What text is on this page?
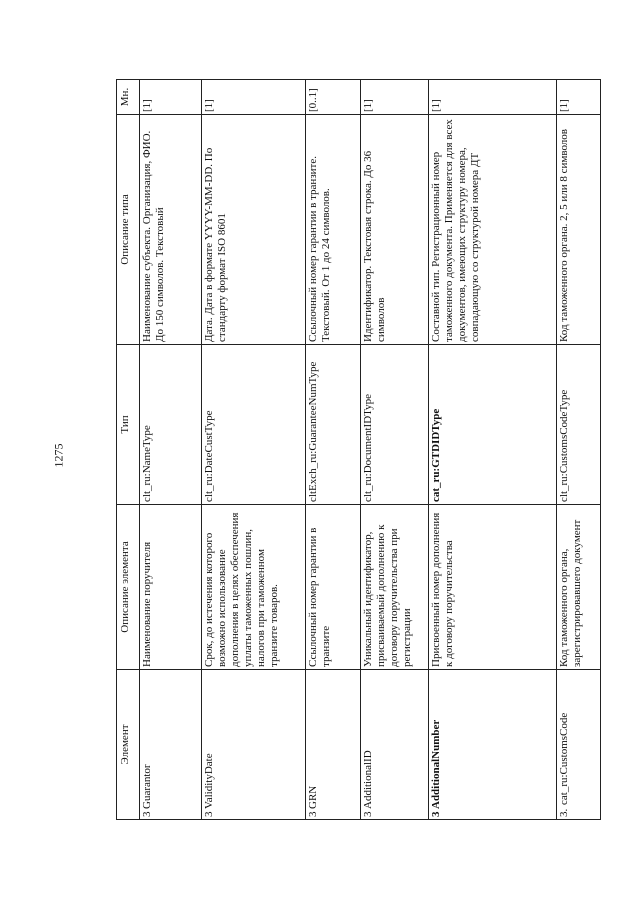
1275
Элемент	Описание элемента	Тип	Описание типа	Мн.
3Guarantor	Наименование поручителя	clt_ru:NameType	Наименование субъекта. Организация, ФИО. До 150 символов. Текстовый	[1]
3ValidityDate	Срок, до истечения которого возможно использование дополнения в целях обеспечения уплаты таможенных пошлин, налогов при таможенном транзите товаров.	clt_ru:DateCustType	Дата. Дата в формате YYYY-MM-DD. По стандарту формат ISO 8601	[1]
3GRN	Ссылочный номер гарантии в транзите	cltExch_ru:GuaranteeNumType	Ссылочный номер гарантии в транзите. Текстовый. От 1 до 24 символов.	[0..1]
3AdditionalID	Уникальный идентификатор, присваиваемый дополнению к договору поручительства при регистрации	clt_ru:DocumentIDType	Идентификатор. Текстовая строка. До 36 символов	[1]
3AdditionalNumber	Присвоенный номер дополнения к договору поручительства	cat_ru:GTDIDType	Составной тип. Регистрационный номер таможенного документа. Применяется для всех документов, имеющих структуру номера, совпадающую со структурой номера ДТ	[1]
3.cat_ru:CustomsCode	Код таможенного органа, зарегистрировавшего документ	clt_ru:CustomsCodeType	Код таможенного органа. 2, 5 или 8 символов	[1]
